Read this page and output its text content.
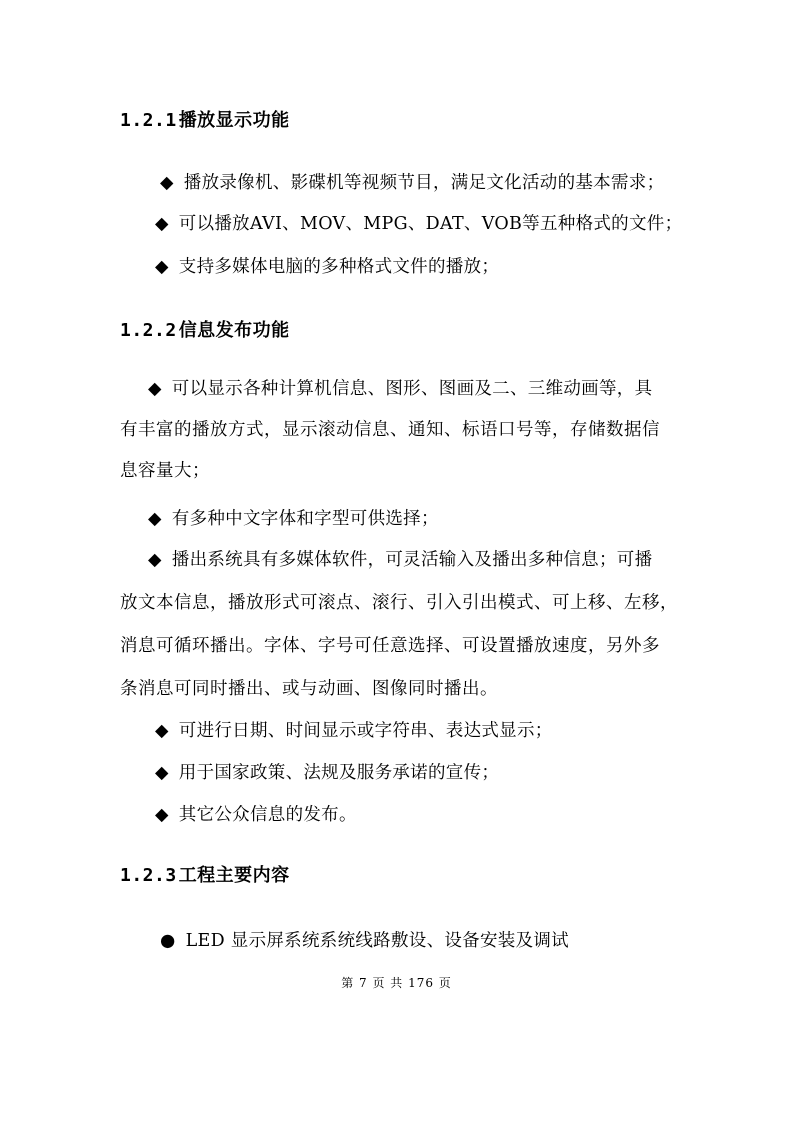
1.2.1 播放显示功能
◆ 播放录像机、影碟机等视频节目，满足文化活动的基本需求；
◆ 可以播放AVI、MOV、MPG、DAT、VOB等五种格式的文件；
◆ 支持多媒体电脑的多种格式文件的播放；
1.2.2 信息发布功能
◆ 可以显示各种计算机信息、图形、图画及二、三维动画等，具
有丰富的播放方式，显示滚动信息、通知、标语口号等，存储数据信
息容量大；
◆ 有多种中文字体和字型可供选择；
◆ 播出系统具有多媒体软件，可灵活输入及播出多种信息；可播
放文本信息，播放形式可滚点、滚行、引入引出模式、可上移、左移，
消息可循环播出。字体、字号可任意选择、可设置播放速度，另外多
条消息可同时播出、或与动画、图像同时播出。
◆ 可进行日期、时间显示或字符串、表达式显示；
◆ 用于国家政策、法规及服务承诺的宣传；
◆ 其它公众信息的发布。
1.2.3 工程主要内容
● LED 显示屏系统系统线路敷设、设备安装及调试
第 7 页 共 176 页
